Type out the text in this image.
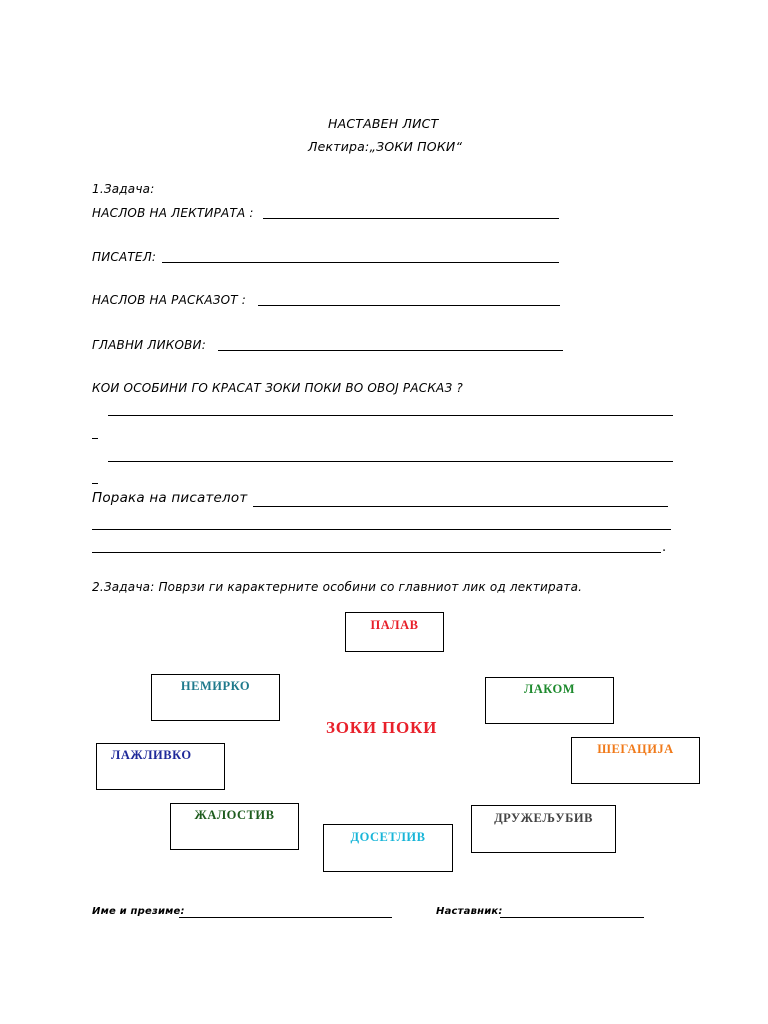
НАСТАВЕН ЛИСТ
Лектира:„ЗОКИ ПОКИ“
1.Задача:
НАСЛОВ НА ЛЕКТИРАТА :
ПИСАТЕЛ:
НАСЛОВ НА РАСКАЗОТ :
ГЛАВНИ ЛИКОВИ:
КОИ ОСОБИНИ ГО КРАСАТ ЗОКИ ПОКИ ВО ОВОЈ РАСКАЗ ?
Порака на писателот
.
2.Задача: Поврзи ги карактерните особини со главниот лик од лектирата.
ПАЛАВ
НЕМИРКО	ЛАКОМ
ЗОКИ ПОКИ
ШЕГАЦИЈА
ЛАЖЛИВКО
ДРУЖЕЉУБИВ
ЖАЛОСТИВ
ДОСЕТЛИВ
Име и презиме:	Наставник:
